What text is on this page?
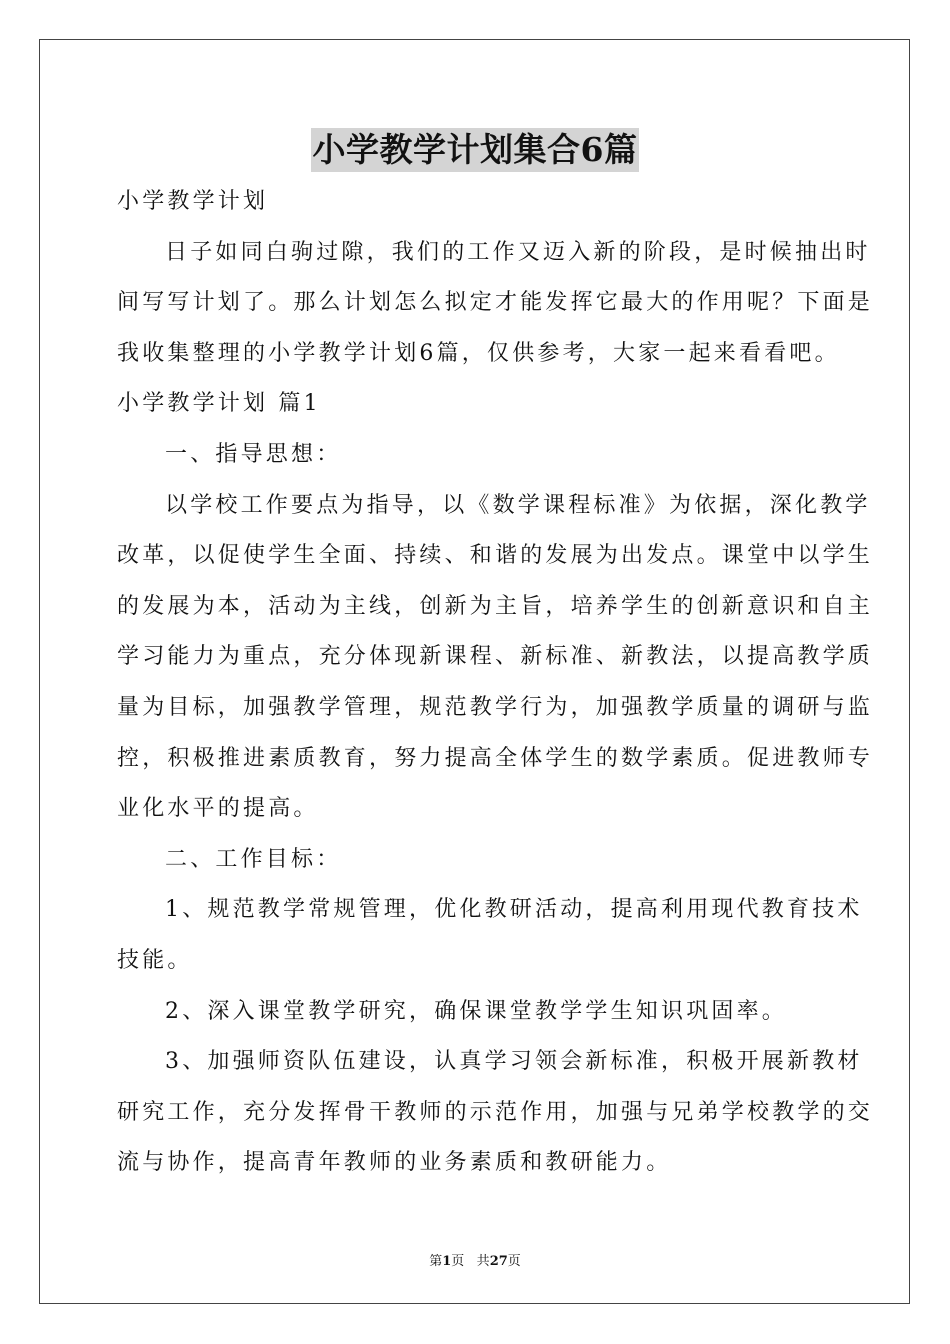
小学教学计划集合6篇
小学教学计划
日子如同白驹过隙，我们的工作又迈入新的阶段，是时候抽出时
间写写计划了。那么计划怎么拟定才能发挥它最大的作用呢？下面是
我收集整理的小学教学计划6篇，仅供参考，大家一起来看看吧。
小学教学计划 篇1
一、指导思想：
以学校工作要点为指导，以《数学课程标准》为依据，深化教学
改革，以促使学生全面、持续、和谐的发展为出发点。课堂中以学生
的发展为本，活动为主线，创新为主旨，培养学生的创新意识和自主
学习能力为重点，充分体现新课程、新标准、新教法，以提高教学质
量为目标，加强教学管理，规范教学行为，加强教学质量的调研与监
控，积极推进素质教育，努力提高全体学生的数学素质。促进教师专
业化水平的提高。
二、工作目标：
1、规范教学常规管理，优化教研活动，提高利用现代教育技术
技能。
2、深入课堂教学研究，确保课堂教学学生知识巩固率。
3、加强师资队伍建设，认真学习领会新标准，积极开展新教材
研究工作，充分发挥骨干教师的示范作用，加强与兄弟学校教学的交
流与协作，提高青年教师的业务素质和教研能力。
第1页 共27页
